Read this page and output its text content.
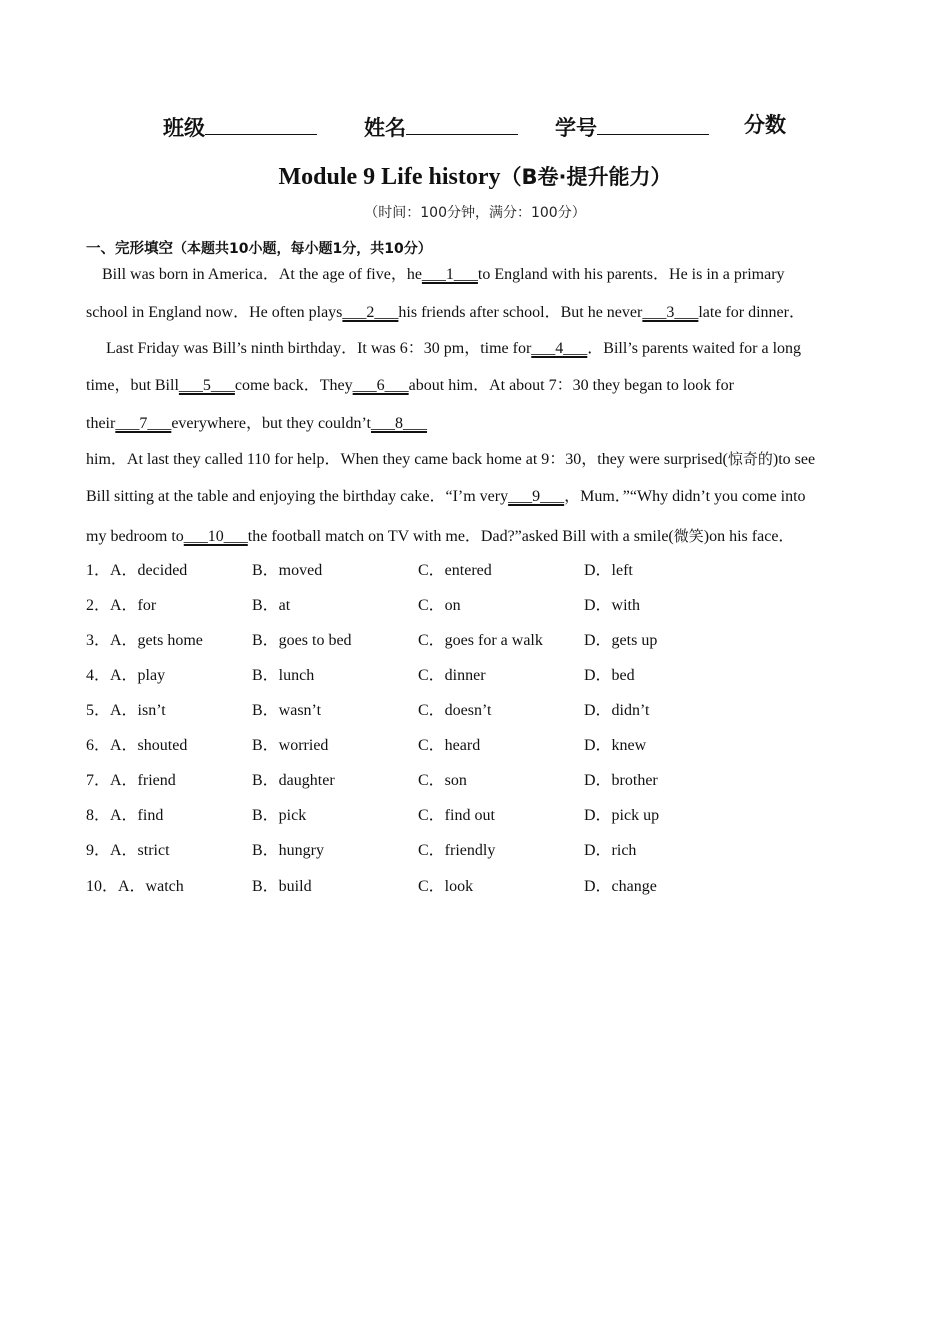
班级	姓名	学号	分数
Module 9 Life history（B卷·提升能力）
（时间：100分钟，满分：100分）
一、完形填空（本题共10小题，每小题1分，共10分）
Bill was born in America．At the age of five，he___1___to England with his parents．He is in a primary
school in England now．He often plays___2___his friends after school．But he never___3___late for dinner．
Last Friday was Bill’s ninth birthday．It was 6：30 pm，time for___4___．Bill’s parents waited for a long
time，but Bill___5___come back．They___6___about him．At about 7：30 they began to look for
their___7___everywhere，but they couldn’t___8___
him．At last they called 110 for help．When they came back home at 9：30，they were surprised(惊奇的)to see
Bill sitting at the table and enjoying the birthday cake．“I’m very___9___，Mum．”“Why didn’t you come into
my bedroom to___10___the football match on TV with me．Dad?”asked Bill with a smile(微笑)on his face．
1．A．decided	B．moved	C．entered	D．left
2．A．for	B．at	C．on	D．with
3．A．gets home	B．goes to bed	C．goes for a walk	D．gets up
4．A．play	B．lunch	C．dinner	D．bed
5．A．isn’t	B．wasn’t	C．doesn’t	D．didn’t
6．A．shouted	B．worried	C．heard	D．knew
7．A．friend	B．daughter	C．son	D．brother
8．A．find	B．pick	C．find out	D．pick up
9．A．strict	B．hungry	C．friendly	D．rich
10．A．watch	B．build	C．look	D．change
